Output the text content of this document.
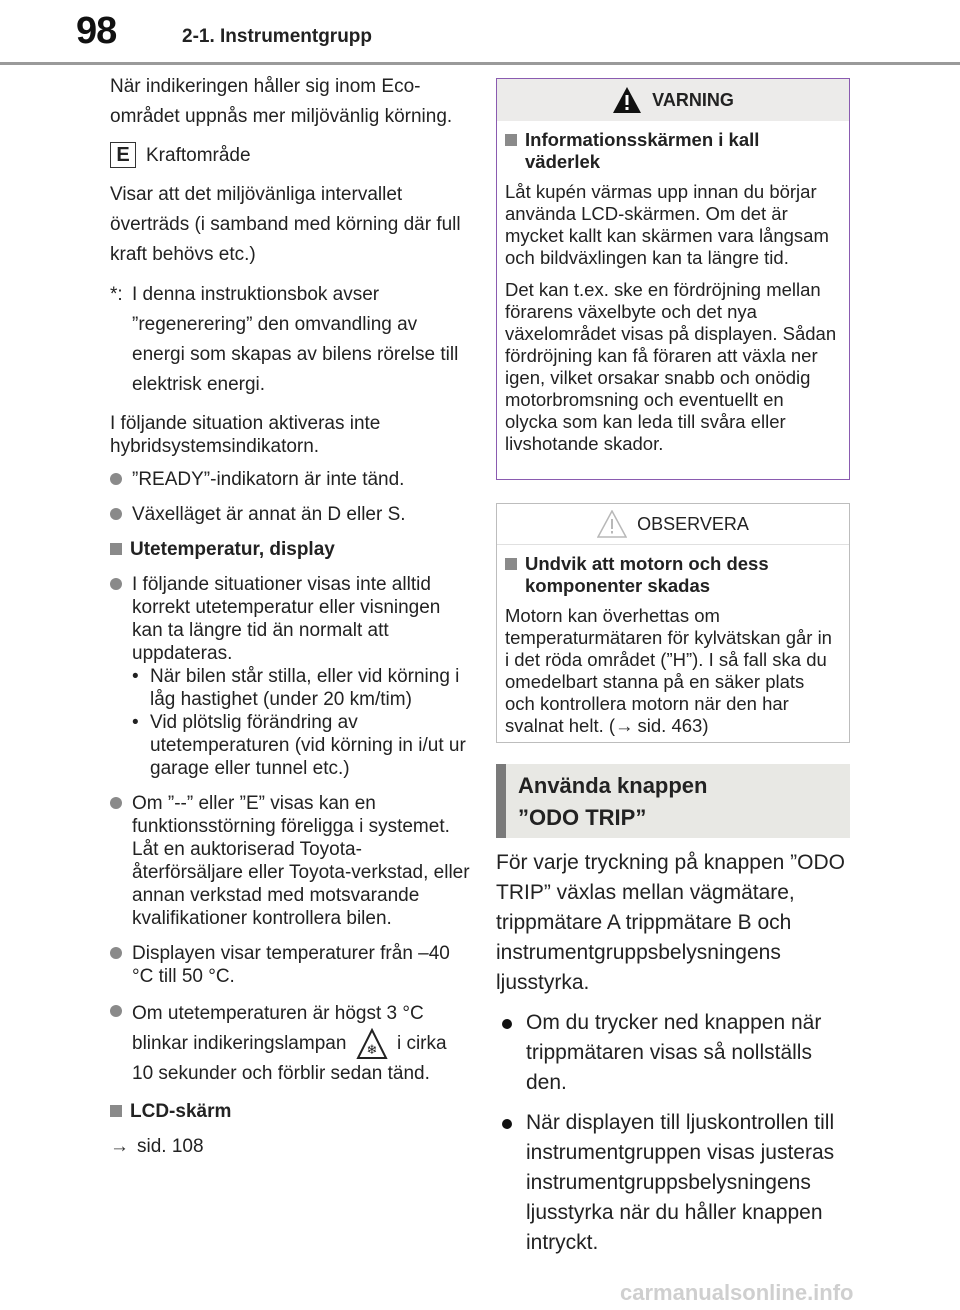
98	2-1. Instrumentgrupp
När indikeringen håller sig inom Eco-området uppnås mer miljövänlig körning.
E Kraftområde
Visar att det miljövänliga intervallet överträds (i samband med körning där full kraft behövs etc.)
*: I denna instruktionsbok avser ”regenerering” den omvandling av energi som skapas av bilens rörelse till elektrisk energi.
I följande situation aktiveras inte hybridsystemsindikatorn.
”READY”-indikatorn är inte tänd.
Växelläget är annat än D eller S.
Utetemperatur, display
I följande situationer visas inte alltid korrekt utetemperatur eller visningen kan ta längre tid än normalt att uppdateras.
• När bilen står stilla, eller vid körning i låg hastighet (under 20 km/tim)
• Vid plötslig förändring av utetemperaturen (vid körning in i/ut ur garage eller tunnel etc.)
Om ”--” eller ”E” visas kan en funktionsstörning föreligga i systemet. Låt en auktoriserad Toyota-återförsäljare eller Toyota-verkstad, eller annan verkstad med motsvarande kvalifikationer kontrollera bilen.
Displayen visar temperaturer från –40 °C till 50 °C.
Om utetemperaturen är högst 3 °C blinkar indikeringslampan ❄ i cirka 10 sekunder och förblir sedan tänd.
LCD-skärm
→ sid. 108
VARNING
Informationsskärmen i kall väderlek
Låt kupén värmas upp innan du börjar använda LCD-skärmen. Om det är mycket kallt kan skärmen vara långsam och bildväxlingen kan ta längre tid.
Det kan t.ex. ske en fördröjning mellan förarens växelbyte och det nya växelområdet visas på displayen. Sådan fördröjning kan få föraren att växla ner igen, vilket orsakar snabb och onödig motorbromsning och eventuellt en olycka som kan leda till svåra eller livshotande skador.
OBSERVERA
Undvik att motorn och dess komponenter skadas
Motorn kan överhettas om temperaturmätaren för kylvätskan går in i det röda området (”H”). I så fall ska du omedelbart stanna på en säker plats och kontrollera motorn när den har svalnat helt. (→ sid. 463)
Använda knappen
”ODO TRIP”
För varje tryckning på knappen ”ODO TRIP” växlas mellan vägmätare, trippmätare A trippmätare B och instrumentgruppsbelysningens ljusstyrka.
Om du trycker ned knappen när trippmätaren visas så nollställs den.
När displayen till ljuskontrollen till instrumentgruppen visas justeras instrumentgruppsbelysningens ljusstyrka när du håller knappen intryckt.
carmanualsonline.info
